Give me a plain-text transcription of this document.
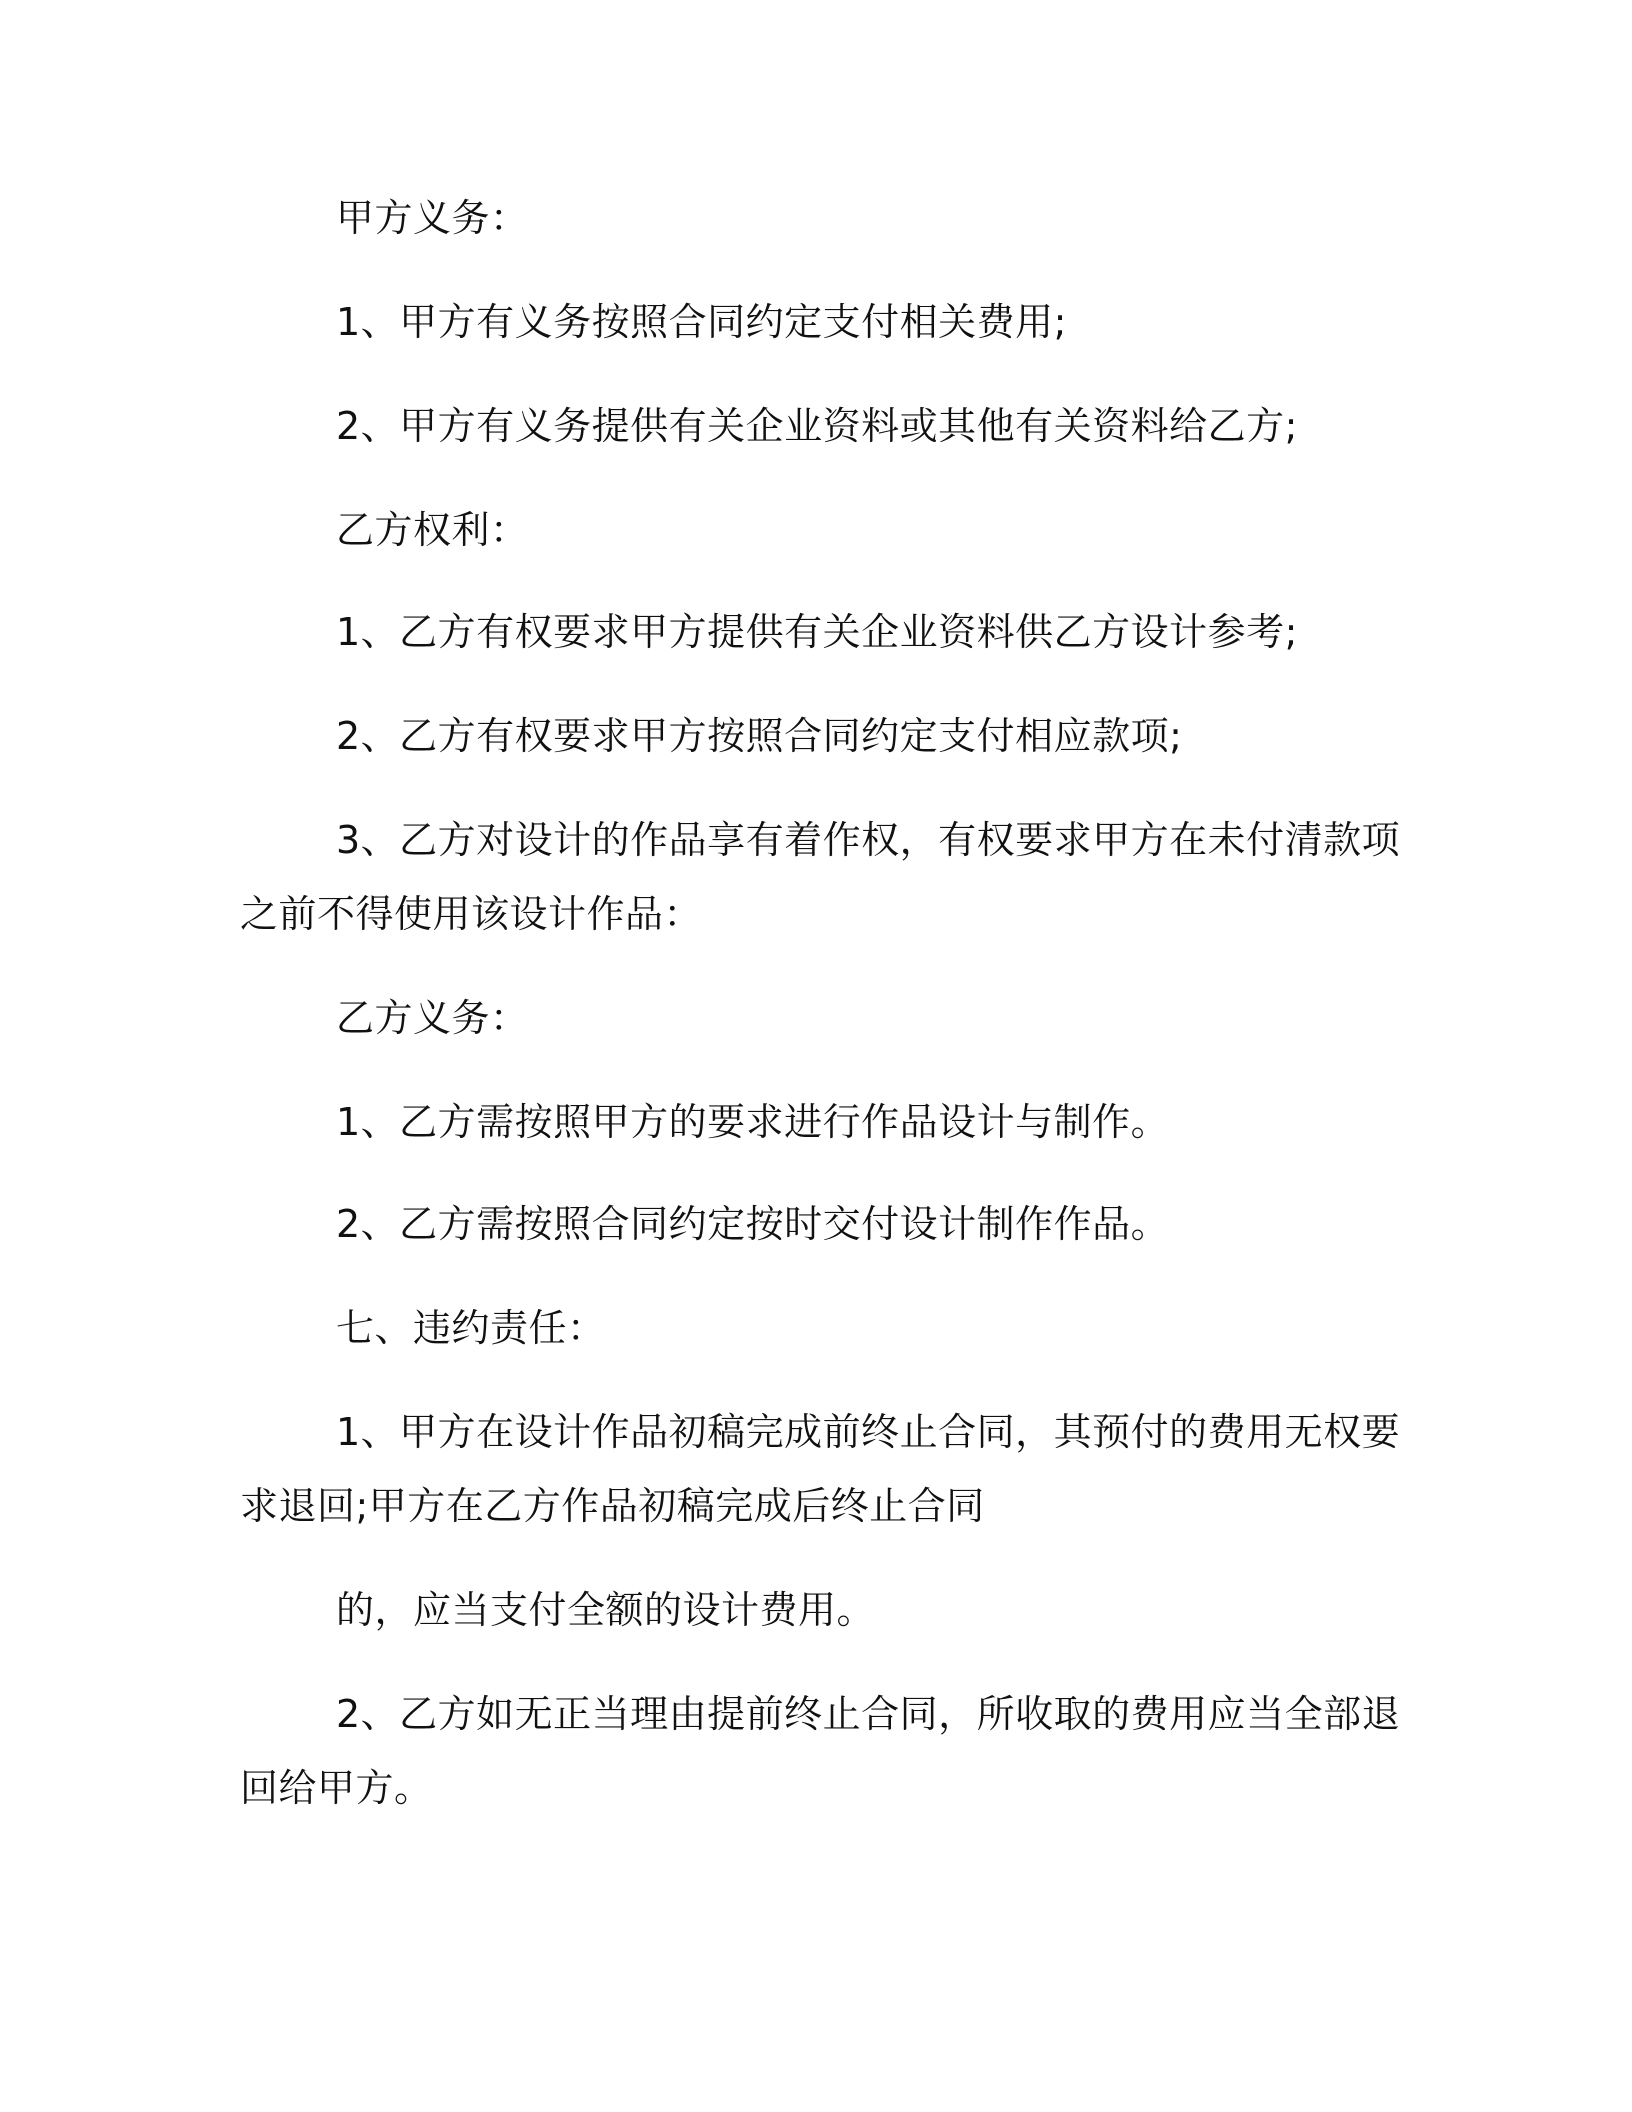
甲方义务：
1、甲方有义务按照合同约定支付相关费用;
2、甲方有义务提供有关企业资料或其他有关资料给乙方;
乙方权利：
1、乙方有权要求甲方提供有关企业资料供乙方设计参考;
2、乙方有权要求甲方按照合同约定支付相应款项;
3、乙方对设计的作品享有着作权，有权要求甲方在未付清款项
之前不得使用该设计作品：
乙方义务：
1、乙方需按照甲方的要求进行作品设计与制作。
2、乙方需按照合同约定按时交付设计制作作品。
七、违约责任：
1、甲方在设计作品初稿完成前终止合同，其预付的费用无权要
求退回;甲方在乙方作品初稿完成后终止合同
的，应当支付全额的设计费用。
2、乙方如无正当理由提前终止合同，所收取的费用应当全部退
回给甲方。
